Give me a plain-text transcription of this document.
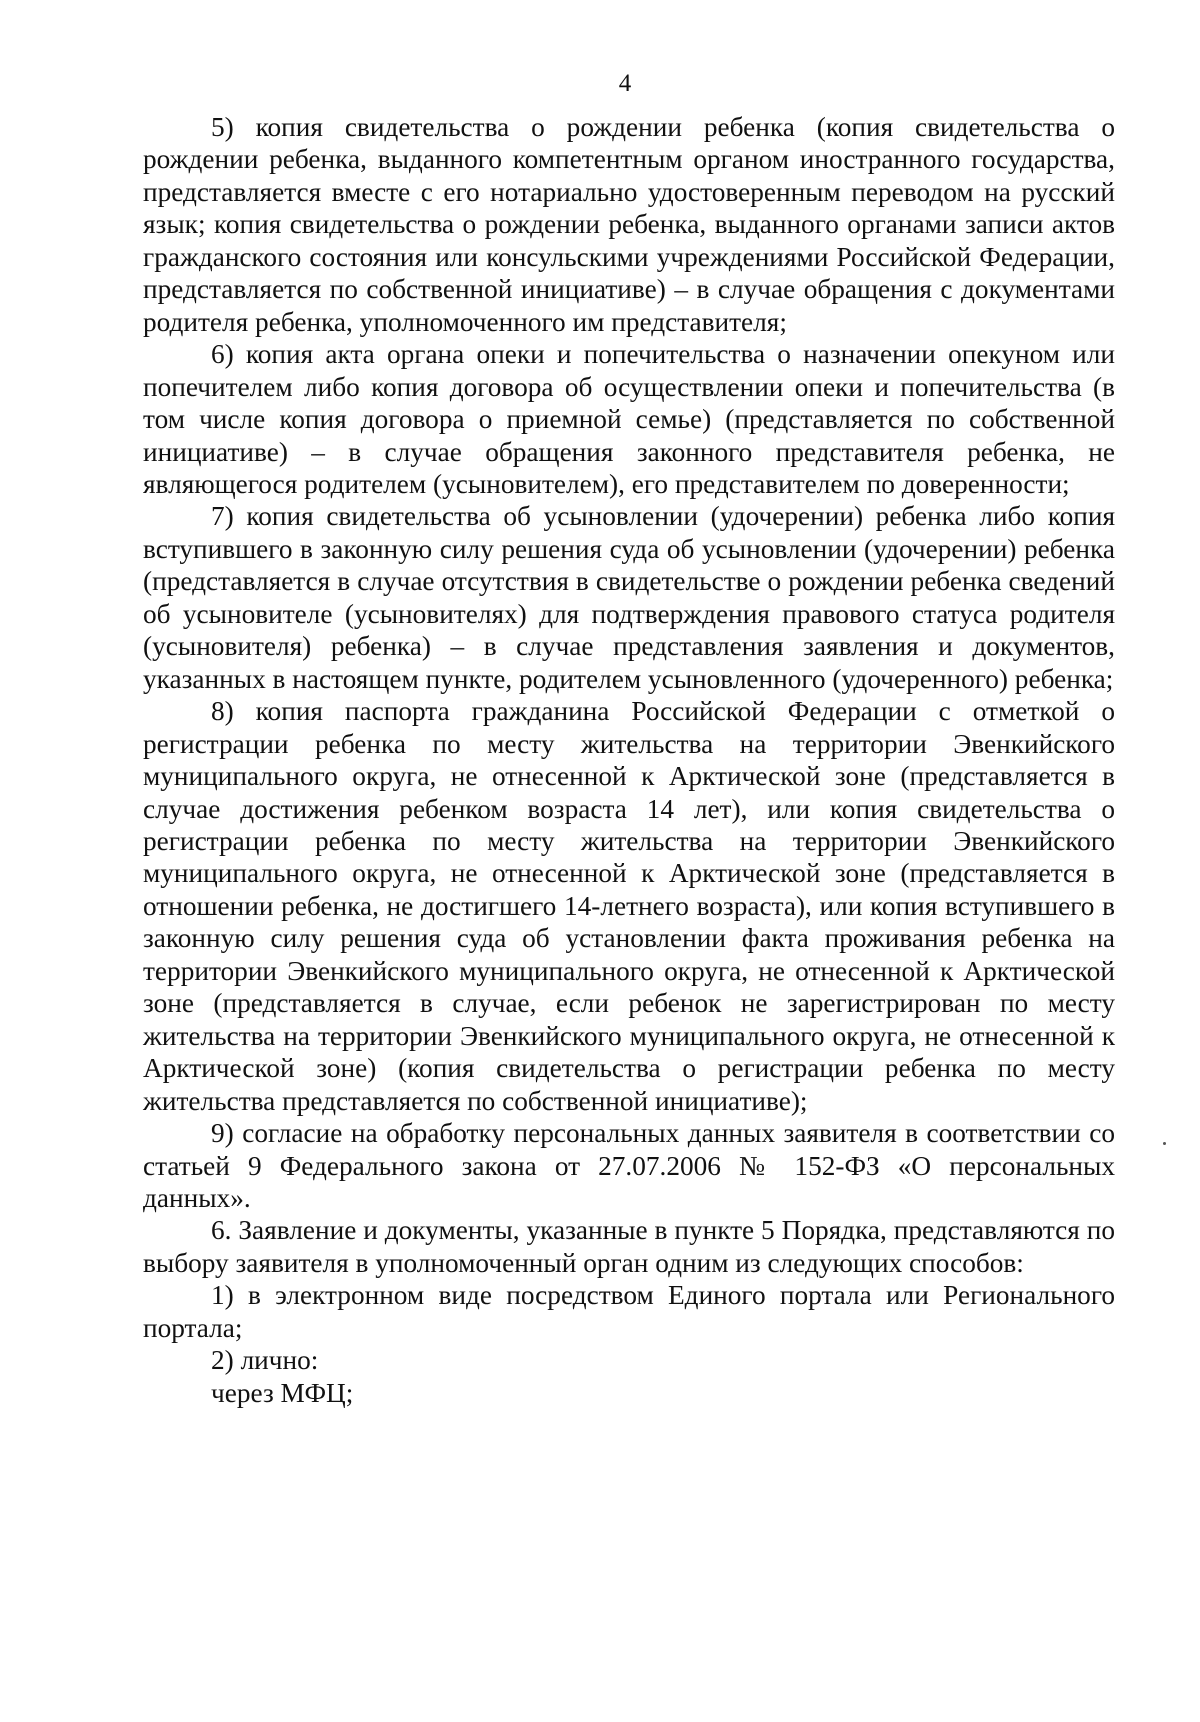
4

5) копия свидетельства о рождении ребенка (копия свидетельства о рождении ребенка, выданного компетентным органом иностранного государства, представляется вместе с его нотариально удостоверенным переводом на русский язык; копия свидетельства о рождении ребенка, выданного органами записи актов гражданского состояния или консульскими учреждениями Российской Федерации, представляется по собственной инициативе) – в случае обращения с документами родителя ребенка, уполномоченного им представителя;

6) копия акта органа опеки и попечительства о назначении опекуном или попечителем либо копия договора об осуществлении опеки и попечительства (в том числе копия договора о приемной семье) (представляется по собственной инициативе) – в случае обращения законного представителя ребенка, не являющегося родителем (усыновителем), его представителем по доверенности;

7) копия свидетельства об усыновлении (удочерении) ребенка либо копия вступившего в законную силу решения суда об усыновлении (удочерении) ребенка (представляется в случае отсутствия в свидетельстве о рождении ребенка сведений об усыновителе (усыновителях) для подтверждения правового статуса родителя (усыновителя) ребенка) – в случае представления заявления и документов, указанных в настоящем пункте, родителем усыновленного (удочеренного) ребенка;

8) копия паспорта гражданина Российской Федерации с отметкой о регистрации ребенка по месту жительства на территории Эвенкийского муниципального округа, не отнесенной к Арктической зоне (представляется в случае достижения ребенком возраста 14 лет), или копия свидетельства о регистрации ребенка по месту жительства на территории Эвенкийского муниципального округа, не отнесенной к Арктической зоне (представляется в отношении ребенка, не достигшего 14-летнего возраста), или копия вступившего в законную силу решения суда об установлении факта проживания ребенка на территории Эвенкийского муниципального округа, не отнесенной к Арктической зоне (представляется в случае, если ребенок не зарегистрирован по месту жительства на территории Эвенкийского муниципального округа, не отнесенной к Арктической зоне) (копия свидетельства о регистрации ребенка по месту жительства представляется по собственной инициативе);

9) согласие на обработку персональных данных заявителя в соответствии со статьей 9 Федерального закона от 27.07.2006 № 152-ФЗ «О персональных данных».

6. Заявление и документы, указанные в пункте 5 Порядка, представляются по выбору заявителя в уполномоченный орган одним из следующих способов:

1) в электронном виде посредством Единого портала или Регионального портала;

2) лично:

через МФЦ;
